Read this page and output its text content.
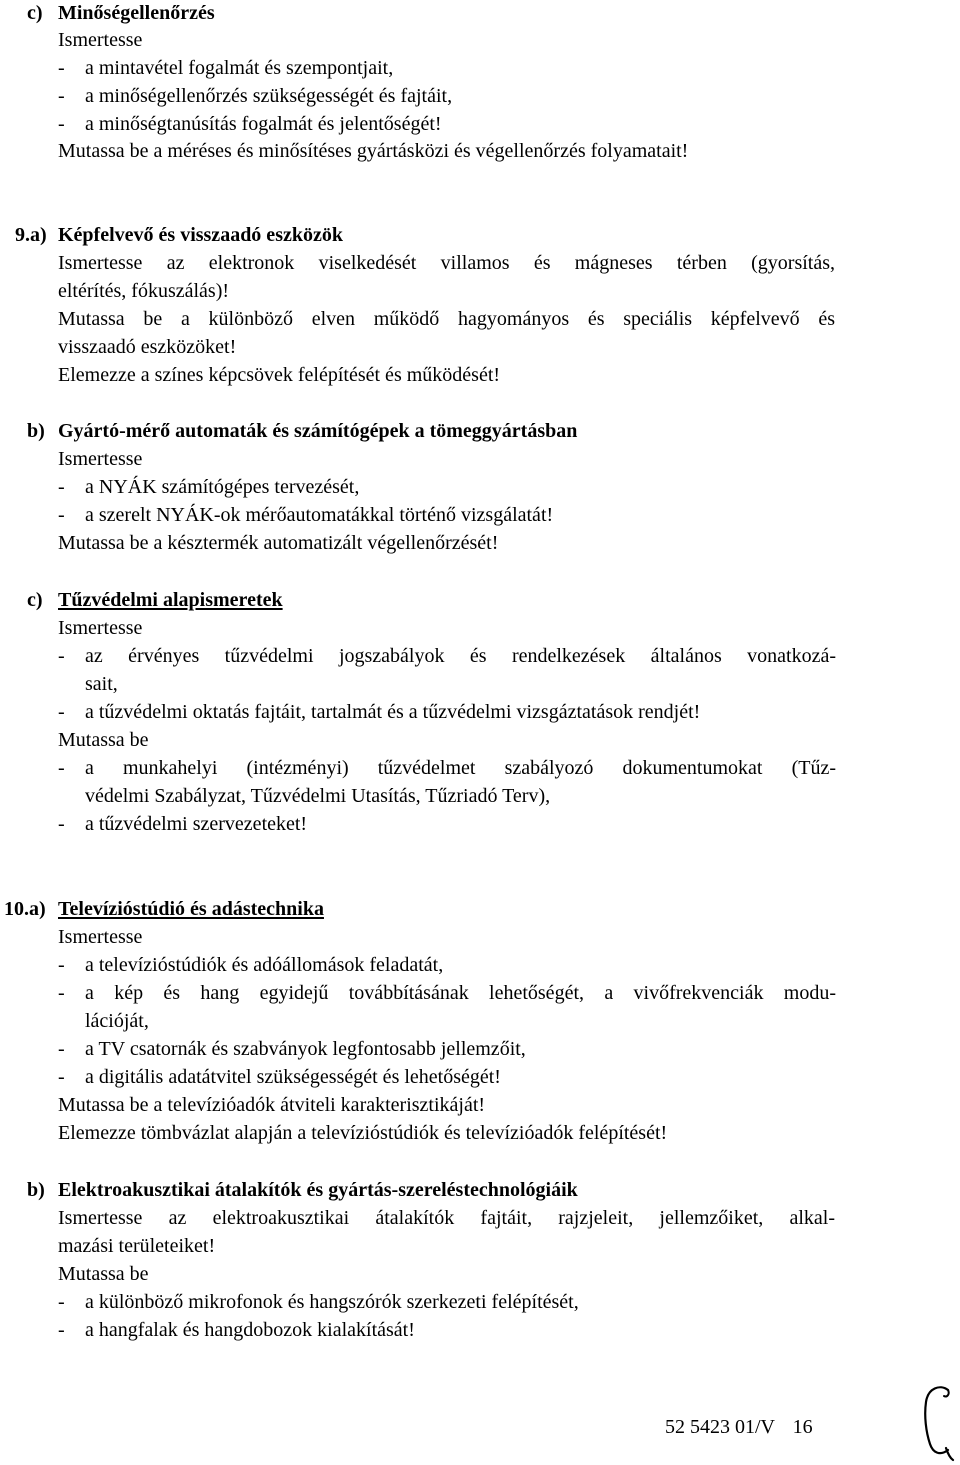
c) Minőségellenőrzés
Ismertesse
- a mintavétel fogalmát és szempontjait,
- a minőségellenőrzés szükségességét és fajtáit,
- a minőségtanúsítás fogalmát és jelentőségét!
Mutassa be a méréses és minősítéses gyártásközi és végellenőrzés folyamatait!
9.a) Képfelvevő és visszaadó eszközök
Ismertesse az elektronok viselkedését villamos és mágneses térben (gyorsítás,
eltérítés, fókuszálás)!
Mutassa be a különböző elven működő hagyományos és speciális képfelvevő és
visszaadó eszközöket!
Elemezze a színes képcsövek felépítését és működését!
b) Gyártó-mérő automaták és számítógépek a tömeggyártásban
Ismertesse
- a NYÁK számítógépes tervezését,
- a szerelt NYÁK-ok mérőautomatákkal történő vizsgálatát!
Mutassa be a késztermék automatizált végellenőrzését!
c) Tűzvédelmi alapismeretek
Ismertesse
- az érvényes tűzvédelmi jogszabályok és rendelkezések általános vonatkozá-
sait,
- a tűzvédelmi oktatás fajtáit, tartalmát és a tűzvédelmi vizsgáztatások rendjét!
Mutassa be
- a munkahelyi (intézményi) tűzvédelmet szabályozó dokumentumokat (Tűz-
védelmi Szabályzat, Tűzvédelmi Utasítás, Tűzriadó Terv),
- a tűzvédelmi szervezeteket!
10.a) Televízióstúdió és adástechnika
Ismertesse
- a televízióstúdiók és adóállomások feladatát,
- a kép és hang egyidejű továbbításának lehetőségét, a vivőfrekvenciák modu-
lációját,
- a TV csatornák és szabványok legfontosabb jellemzőit,
- a digitális adatátvitel szükségességét és lehetőségét!
Mutassa be a televízióadók átviteli karakterisztikáját!
Elemezze tömbvázlat alapján a televízióstúdiók és televízióadók felépítését!
b) Elektroakusztikai átalakítók és gyártás-szereléstechnológiáik
Ismertesse az elektroakusztikai átalakítók fajtáit, rajzjeleit, jellemzőiket, alkal-
mazási területeiket!
Mutassa be
- a különböző mikrofonok és hangszórók szerkezeti felépítését,
- a hangfalak és hangdobozok kialakítását!
52 5423 01/V 16
